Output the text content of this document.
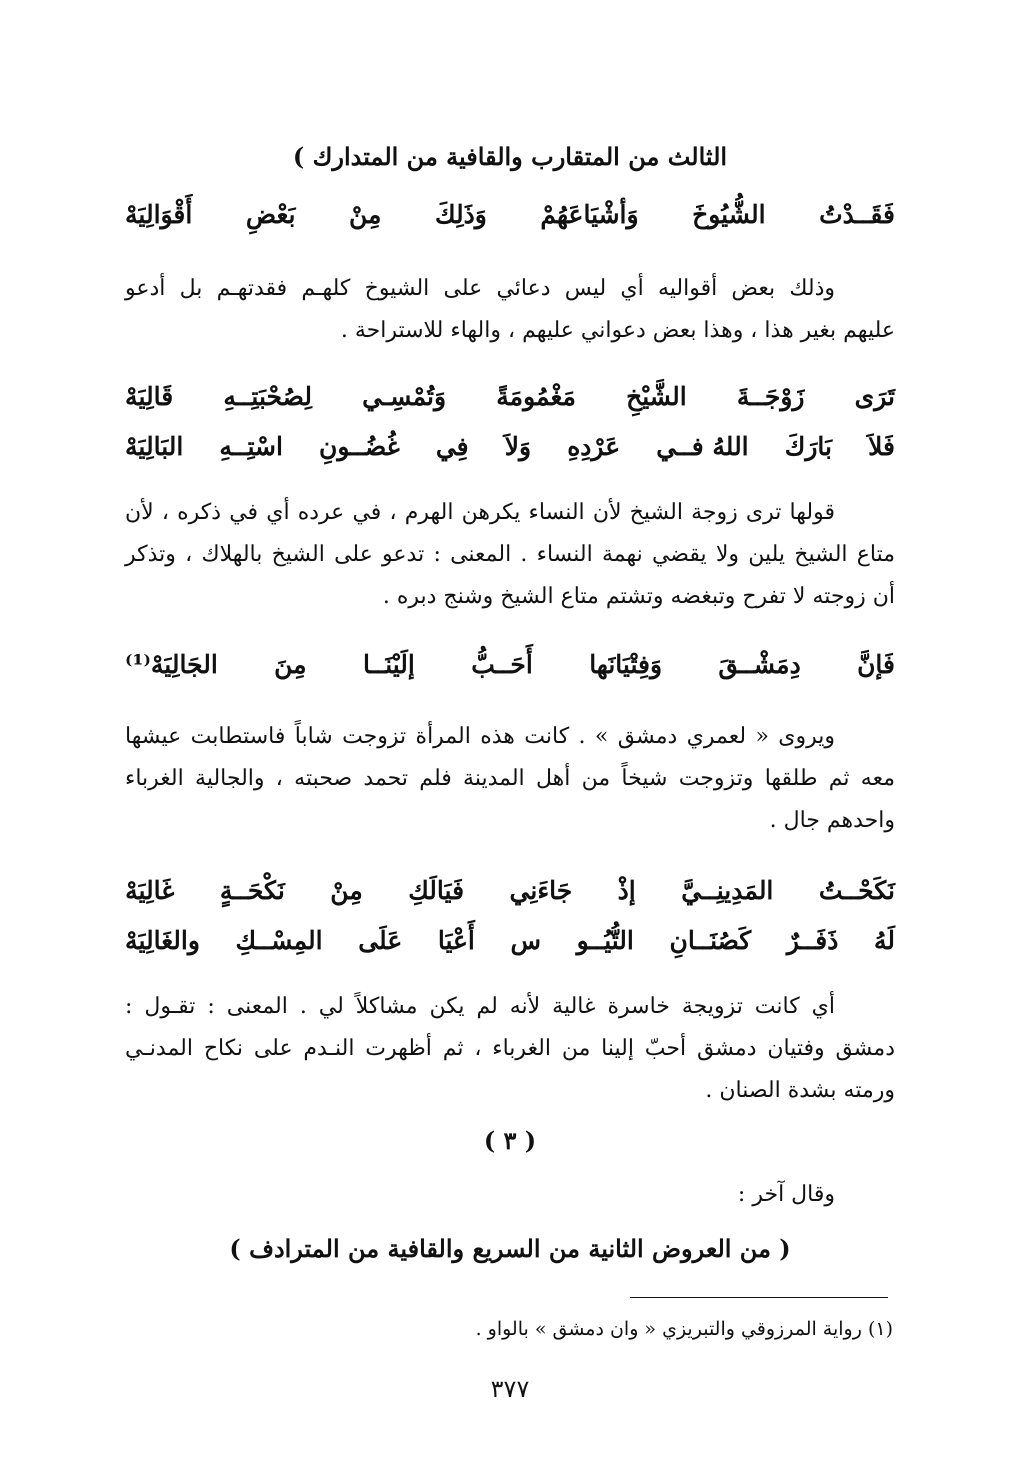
الثالث من المتقارب والقافية من المتدارك )
فَقَــدْتُ
الشُّيُوخَ
وَأشْيَاعَهُمْ
وَذَلِكَ
مِنْ
بَعْضِ
أَقْوَالِيَهْ
وذلك بعض أقواليه أي ليس دعائي على الشيوخ كلهـم فقدتهـم بل أدعو
عليهم بغير هذا ، وهذا بعض دعواني عليهم ، والهاء للاستراحة .
تَرَى
زَوْجَــةَ
الشَّيْخِ
مَغْمُومَةً
وَتُمْسِـي
لِصُحْبَتِــهِ
قَالِيَهْ
فَلاَ
بَارَكَ
اللهُ فــي
عَرْدِهِ
وَلاَ
فِي
غُضُــونِ
اسْتِــهِ
البَالِيَهْ
قولها ترى زوجة الشيخ لأن النساء يكرهن الهرم ، في عرده أي في ذكره ، لأن
متاع الشيخ يلين ولا يقضي نهمة النساء . المعنى : تدعو على الشيخ بالهلاك ، وتذكر
أن زوجته لا تفرح وتبغضه وتشتم متاع الشيخ وشنج دبره .
فَإنَّ
دِمَشْــقَ
وَفِتْيَانَها
أَحَــبُّ
إلَيْنَــا
مِنَ
الجَالِيَهْ⁽¹⁾
ويروى « لعمري دمشق » . كانت هذه المرأة تزوجت شاباً فاستطابت عيشها
معه ثم طلقها وتزوجت شيخاً من أهل المدينة فلم تحمد صحبته ، والجالية الغرباء
واحدهم جال .
نَكَحْــتُ
المَدِينِــيَّ
إذْ
جَاءَنِي
فَيَالَكِ
مِنْ
نَكْحَــةٍ
غَالِيَهْ
لَهُ
ذَفَــرٌ
كَصُنَــانِ
التُّيُــو
س
أَعْيَا
عَلَى
المِسْــكِ
والغَالِيَهْ
أي كانت تزويجة خاسرة غالية لأنه لم يكن مشاكلاً لي . المعنى : تقـول :
دمشق وفتيان دمشق أحبّ إلينا من الغرباء ، ثم أظهرت النـدم على نكاح المدنـي
ورمته بشدة الصنان .
( ٣ )
وقال آخر :
( من العروض الثانية من السريع والقافية من المترادف )
(١) رواية المرزوقي والتبريزي « وان دمشق » بالواو .
٣٧٧
